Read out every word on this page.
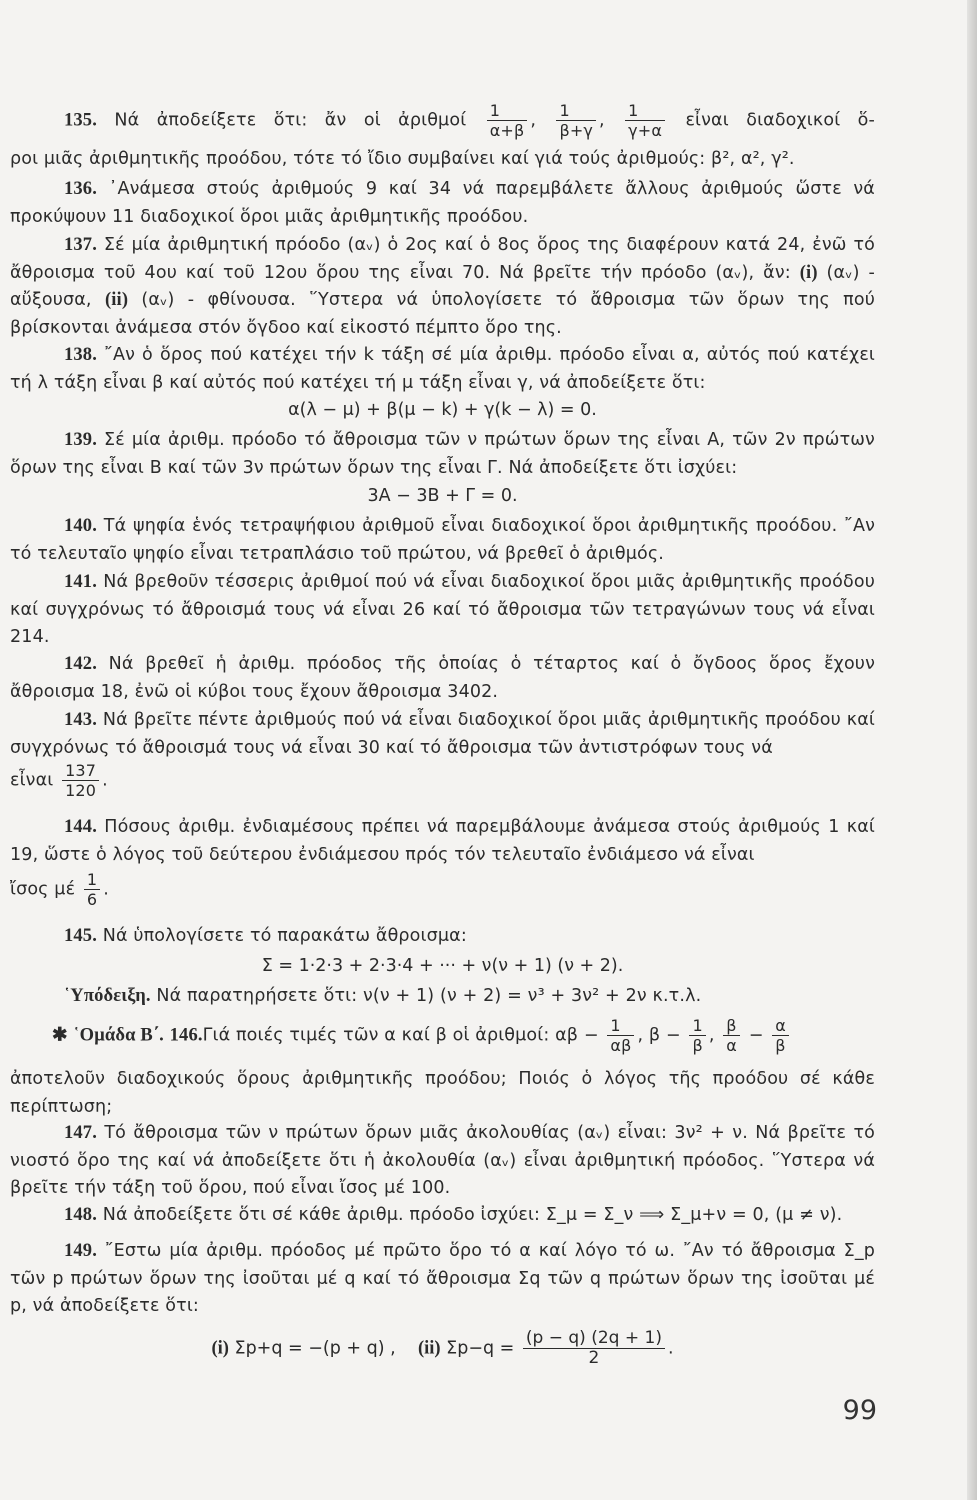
135. Νά ἀποδείξετε ὅτι: ἄν οἱ ἀριθμοί $\frac{1}{\alpha+\beta}$ , $\frac{1}{\beta+\gamma}$ , $\frac{1}{\gamma+\alpha}$ εἶναι διαδοχικοί ὅ-
ροι μιᾶς ἀριθμητικῆς προόδου, τότε τό ἴδιο συμβαίνει καί γιά τούς ἀριθμούς: β², α², γ².
136. ᾿Ανάμεσα στούς ἀριθμούς 9 καί 34 νά παρεμβάλετε ἄλλους ἀριθμούς ὥστε νά προκύψουν 11 διαδοχικοί ὅροι μιᾶς ἀριθμητικῆς προόδου.
137. Σέ μία ἀριθμητική πρόοδο (αᵥ) ὁ 2ος καί ὁ 8ος ὅρος της διαφέρουν κατά 24, ἐνῶ τό ἄθροισμα τοῦ 4ου καί τοῦ 12ου ὅρου της εἶναι 70. Νά βρεῖτε τήν πρόοδο (αᵥ), ἄν: (i) (αᵥ) - αὔξουσα, (ii) (αᵥ) - φθίνουσα. ῞Υστερα νά ὑπολογίσετε τό ἄθροισμα τῶν ὅρων της πού βρίσκονται ἀνάμεσα στόν ὄγδοο καί εἰκοστό πέμπτο ὅρο της.
138. ῎Αν ὁ ὅρος πού κατέχει τήν k τάξη σέ μία ἀριθμ. πρόοδο εἶναι α, αὐτός πού κατέχει τή λ τάξη εἶναι β καί αὐτός πού κατέχει τή μ τάξη εἶναι γ, νά ἀποδείξετε ὅτι:
α(λ − μ) + β(μ − k) + γ(k − λ) = 0.
139. Σέ μία ἀριθμ. πρόοδο τό ἄθροισμα τῶν ν πρώτων ὅρων της εἶναι Α, τῶν 2ν πρώτων ὅρων της εἶναι Β καί τῶν 3ν πρώτων ὅρων της εἶναι Γ. Νά ἀποδείξετε ὅτι ἰσχύει:
3Α − 3Β + Γ = 0.
140. Τά ψηφία ἑνός τετραψήφιου ἀριθμοῦ εἶναι διαδοχικοί ὅροι ἀριθμητικῆς προόδου. ῎Αν τό τελευταῖο ψηφίο εἶναι τετραπλάσιο τοῦ πρώτου, νά βρεθεῖ ὁ ἀριθμός.
141. Νά βρεθοῦν τέσσερις ἀριθμοί πού νά εἶναι διαδοχικοί ὅροι μιᾶς ἀριθμητικῆς προόδου καί συγχρόνως τό ἄθροισμά τους νά εἶναι 26 καί τό ἄθροισμα τῶν τετραγώνων τους νά εἶναι 214.
142. Νά βρεθεῖ ἡ ἀριθμ. πρόοδος τῆς ὁποίας ὁ τέταρτος καί ὁ ὄγδοος ὅρος ἔχουν ἄθροισμα 18, ἐνῶ οἱ κύβοι τους ἔχουν ἄθροισμα 3402.
143. Νά βρεῖτε πέντε ἀριθμούς πού νά εἶναι διαδοχικοί ὅροι μιᾶς ἀριθμητικῆς προόδου καί συγχρόνως τό ἄθροισμά τους νά εἶναι 30 καί τό ἄθροισμα τῶν ἀντιστρόφων τους νά
εἶναι $\frac{137}{120}$ .
144. Πόσους ἀριθμ. ἐνδιαμέσους πρέπει νά παρεμβάλουμε ἀνάμεσα στούς ἀριθμούς 1 καί 19, ὥστε ὁ λόγος τοῦ δεύτερου ἐνδιάμεσου πρός τόν τελευταῖο ἐνδιάμεσο νά εἶναι
ἴσος μέ $\frac{1}{6}$ .
145. Νά ὑπολογίσετε τό παρακάτω ἄθροισμα:
Σ = 1·2·3 + 2·3·4 + ··· + ν(ν + 1) (ν + 2).
῾Υπόδειξη. Νά παρατηρήσετε ὅτι: ν(ν + 1) (ν + 2) = ν³ + 3ν² + 2ν κ.τ.λ.
✱ ῾Ομάδα Β΄. 146.Γιά ποιές τιμές τῶν α καί β οἱ ἀριθμοί: $\alpha\beta - \frac{1}{\alpha\beta}$ , $\beta - \frac{1}{\beta}$ , $\frac{\beta}{\alpha} - \frac{\alpha}{\beta}$
ἀποτελοῦν διαδοχικούς ὅρους ἀριθμητικῆς προόδου; Ποιός ὁ λόγος τῆς προόδου σέ κάθε περίπτωση;
147. Τό ἄθροισμα τῶν ν πρώτων ὅρων μιᾶς ἀκολουθίας (αᵥ) εἶναι: 3ν² + ν. Νά βρεῖτε τό νιοστό ὅρο της καί νά ἀποδείξετε ὅτι ἡ ἀκολουθία (αᵥ) εἶναι ἀριθμητική πρόοδος. ῞Υστερα νά βρεῖτε τήν τάξη τοῦ ὅρου, πού εἶναι ἴσος μέ 100.
148. Νά ἀποδείξετε ὅτι σέ κάθε ἀριθμ. πρόοδο ἰσχύει: Σ_μ = Σ_ν ⟹ Σ_μ+ν = 0, (μ ≠ ν).
149. ῎Εστω μία ἀριθμ. πρόοδος μέ πρῶτο ὅρο τό α καί λόγο τό ω. ῎Αν τό ἄθροισμα Σ_p τῶν p πρώτων ὅρων της ἰσοῦται μέ q καί τό ἄθροισμα Σq τῶν q πρώτων ὅρων της ἰσοῦται μέ p, νά ἀποδείξετε ὅτι:
(i) Σp+q = −(p + q) , (ii) $\Sigma p-q = \frac{(p - q) (2q + 1)}{2}$ .
99
